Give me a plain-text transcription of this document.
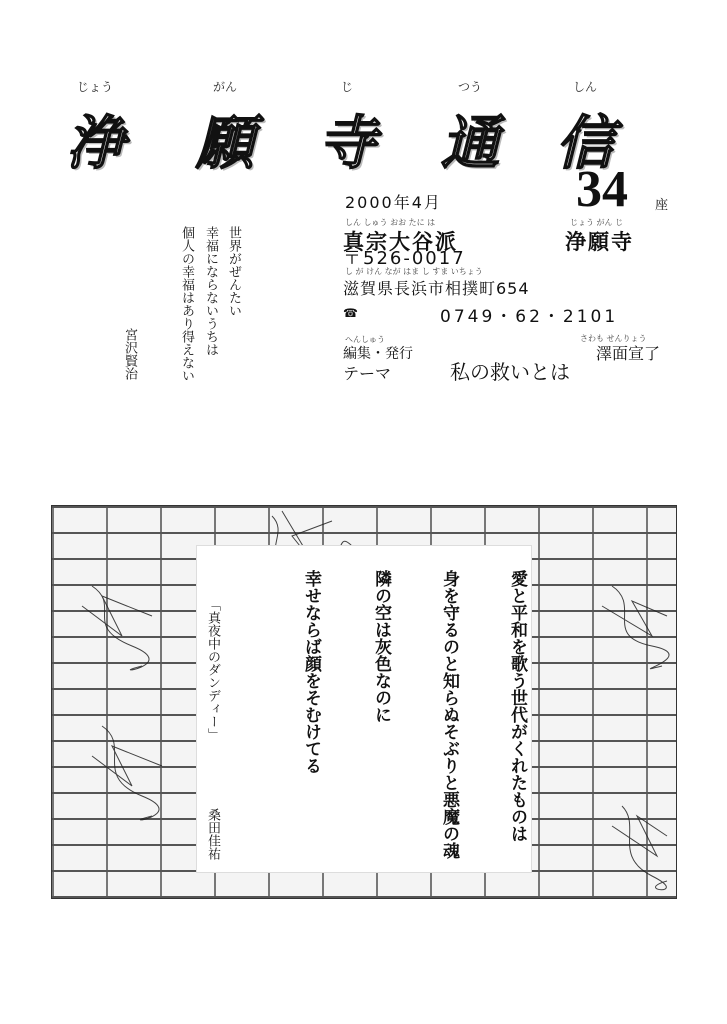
じょう	がん	じ	つう	しん
浄 願 寺 通 信
2000年4月	34 座
しん しゅう おお たに は
真宗大谷派
じょう がん じ
浄願寺
〒526-0017
し が けん なが はま し すま いちょう
滋賀県長浜市相撲町654
☎	0749・62・2101
へんしゅう
編集・発行
さわも せんりょう
澤面宣了
テーマ	私の救いとは
世界がぜんたい
幸福にならないうちは
個人の幸福はあり得えない
宮沢賢治
愛と平和を歌う世代がくれたものは
身を守るのと知らぬそぶりと悪魔の魂
隣の空は灰色なのに
幸せならば顔をそむけてる
「真夜中のダンディー」
桑田佳祐
